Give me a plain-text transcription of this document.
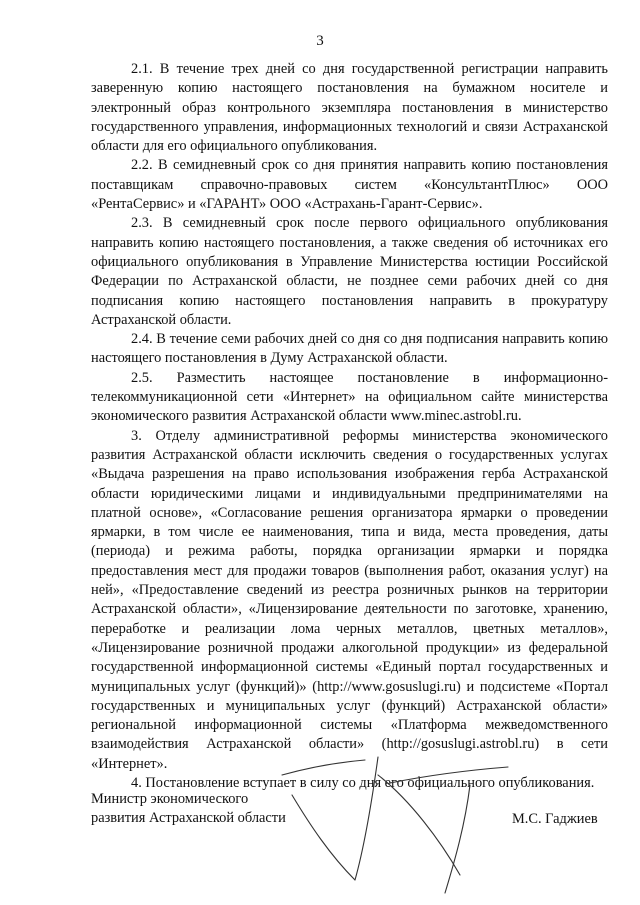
3

2.1. В течение трех дней со дня государственной регистрации направить заверенную копию настоящего постановления на бумажном носителе и электронный образ контрольного экземпляра постановления в министерство государственного управления, информационных технологий и связи Астраханской области для его официального опубликования.

2.2. В семидневный срок со дня принятия направить копию постановления поставщикам справочно-правовых систем «КонсультантПлюс» ООО «РентаСервис» и «ГАРАНТ» ООО «Астрахань-Гарант-Сервис».

2.3. В семидневный срок после первого официального опубликования направить копию настоящего постановления, а также сведения об источниках его официального опубликования в Управление Министерства юстиции Российской Федерации по Астраханской области, не позднее семи рабочих дней со дня подписания копию настоящего постановления направить в прокуратуру Астраханской области.

2.4. В течение семи рабочих дней со дня со дня подписания направить копию настоящего постановления в Думу Астраханской области.

2.5. Разместить настоящее постановление в информационно-телекоммуникационной сети «Интернет» на официальном сайте министерства экономического развития Астраханской области www.minec.astrobl.ru.

3. Отделу административной реформы министерства экономического развития Астраханской области исключить сведения о государственных услугах «Выдача разрешения на право использования изображения герба Астраханской области юридическими лицами и индивидуальными предпринимателями на платной основе», «Согласование решения организатора ярмарки о проведении ярмарки, в том числе ее наименования, типа и вида, места проведения, даты (периода) и режима работы, порядка организации ярмарки и порядка предоставления мест для продажи товаров (выполнения работ, оказания услуг) на ней», «Предоставление сведений из реестра розничных рынков на территории Астраханской области», «Лицензирование деятельности по заготовке, хранению, переработке и реализации лома черных металлов, цветных металлов», «Лицензирование розничной продажи алкогольной продукции» из федеральной государственной информационной системы «Единый портал государственных и муниципальных услуг (функций)» (http://www.gosuslugi.ru) и подсистеме «Портал государственных и муниципальных услуг (функций) Астраханской области» региональной информационной системы «Платформа межведомственного взаимодействия Астраханской области» (http://gosuslugi.astrobl.ru) в сети «Интернет».

4. Постановление вступает в силу со дня его официального опубликования.

Министр экономического
развития Астраханской области	М.С. Гаджиев
